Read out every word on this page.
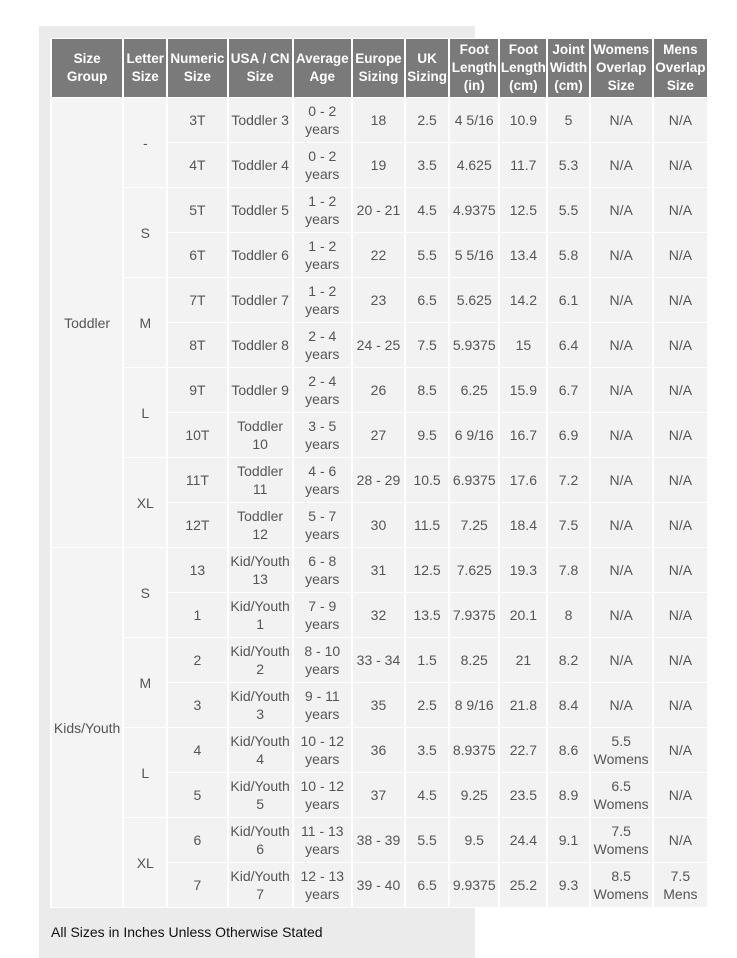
Size Group	Letter Size	Numeric Size	USA / CN Size	Average Age	Europe Sizing	UK Sizing	Foot Length (in)	Foot Length (cm)	Joint Width (cm)	Womens Overlap Size	Mens Overlap Size
Toddler	-	3T	Toddler 3	0 - 2 years	18	2.5	4 5/16	10.9	5	N/A	N/A
		4T	Toddler 4	0 - 2 years	19	3.5	4.625	11.7	5.3	N/A	N/A
	S	5T	Toddler 5	1 - 2 years	20 - 21	4.5	4.9375	12.5	5.5	N/A	N/A
		6T	Toddler 6	1 - 2 years	22	5.5	5 5/16	13.4	5.8	N/A	N/A
	M	7T	Toddler 7	1 - 2 years	23	6.5	5.625	14.2	6.1	N/A	N/A
		8T	Toddler 8	2 - 4 years	24 - 25	7.5	5.9375	15	6.4	N/A	N/A
	L	9T	Toddler 9	2 - 4 years	26	8.5	6.25	15.9	6.7	N/A	N/A
		10T	Toddler 10	3 - 5 years	27	9.5	6 9/16	16.7	6.9	N/A	N/A
	XL	11T	Toddler 11	4 - 6 years	28 - 29	10.5	6.9375	17.6	7.2	N/A	N/A
		12T	Toddler 12	5 - 7 years	30	11.5	7.25	18.4	7.5	N/A	N/A
Kids/Youth	S	13	Kid/Youth 13	6 - 8 years	31	12.5	7.625	19.3	7.8	N/A	N/A
		1	Kid/Youth 1	7 - 9 years	32	13.5	7.9375	20.1	8	N/A	N/A
	M	2	Kid/Youth 2	8 - 10 years	33 - 34	1.5	8.25	21	8.2	N/A	N/A
		3	Kid/Youth 3	9 - 11 years	35	2.5	8 9/16	21.8	8.4	N/A	N/A
	L	4	Kid/Youth 4	10 - 12 years	36	3.5	8.9375	22.7	8.6	5.5 Womens	N/A
		5	Kid/Youth 5	10 - 12 years	37	4.5	9.25	23.5	8.9	6.5 Womens	N/A
	XL	6	Kid/Youth 6	11 - 13 years	38 - 39	5.5	9.5	24.4	9.1	7.5 Womens	N/A
		7	Kid/Youth 7	12 - 13 years	39 - 40	6.5	9.9375	25.2	9.3	8.5 Womens	7.5 Mens
All Sizes in Inches Unless Otherwise Stated
